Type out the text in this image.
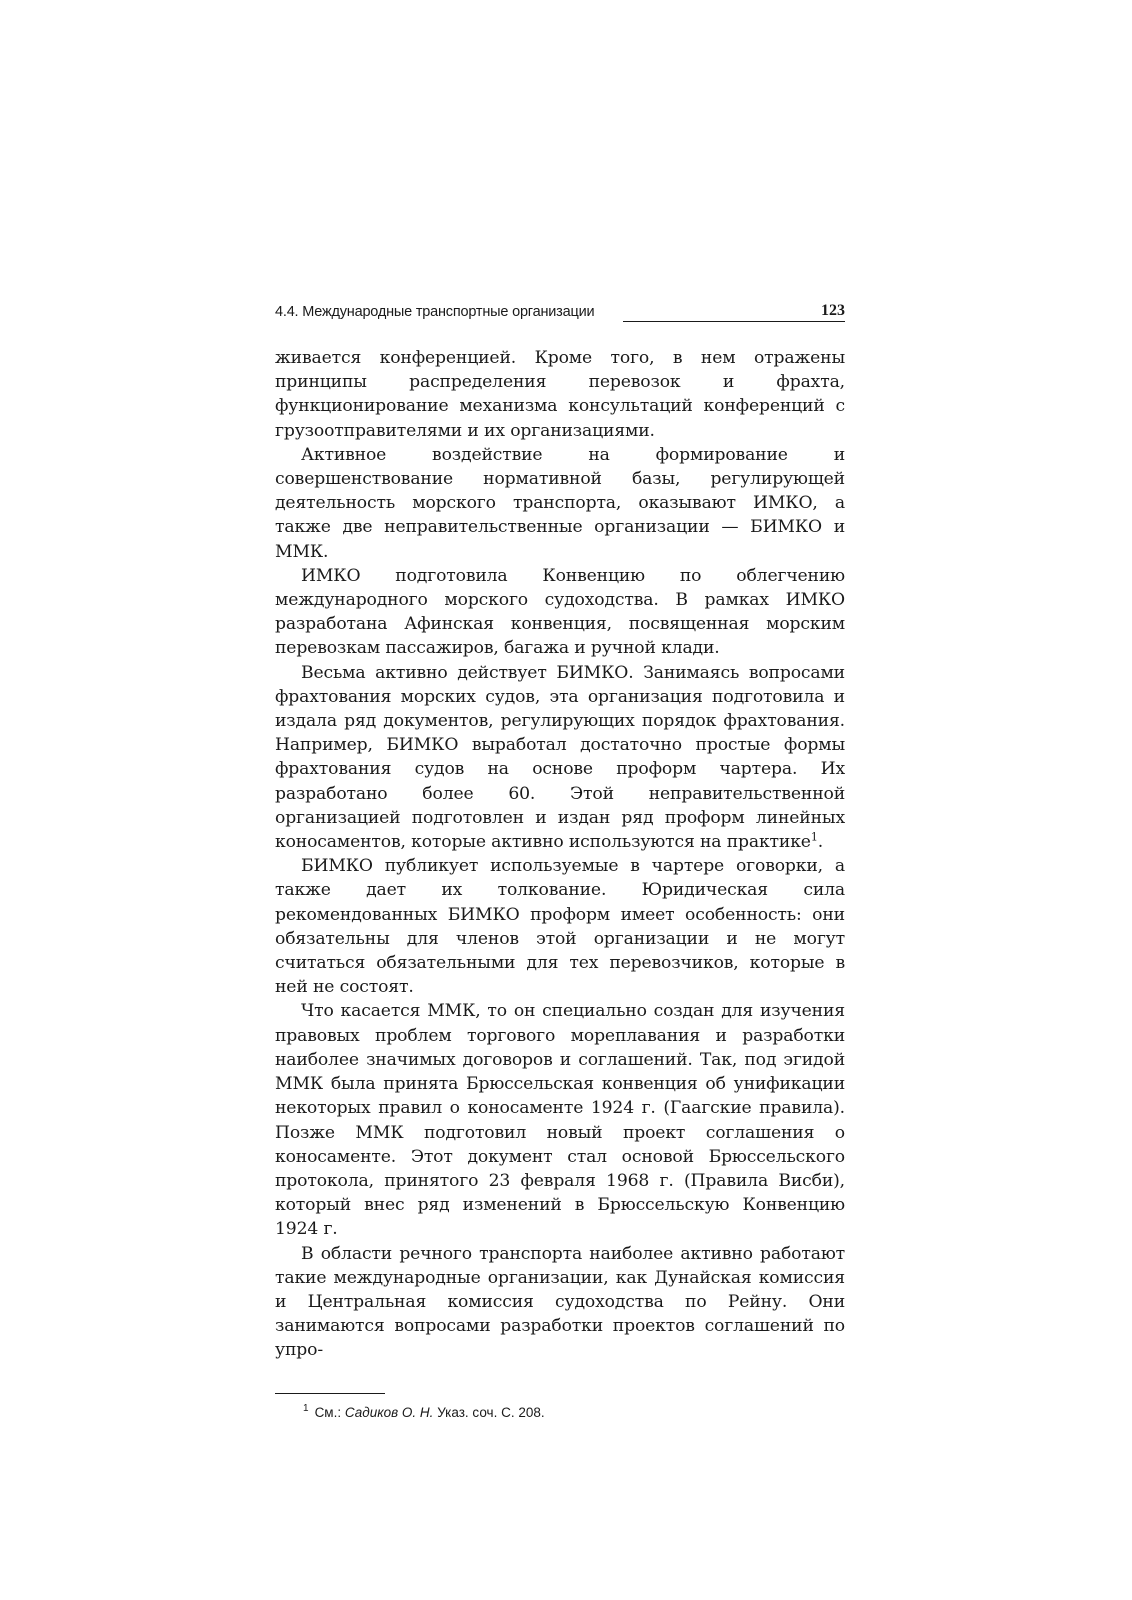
4.4. Международные транспортные организации	123

живается конференцией. Кроме того, в нем отражены принципы распределения перевозок и фрахта, функционирование механизма консультаций конференций с грузоотправителями и их организациями.

Активное воздействие на формирование и совершенствование нормативной базы, регулирующей деятельность морского транспорта, оказывают ИМКО, а также две неправительственные организации — БИМКО и ММК.

ИМКО подготовила Конвенцию по облегчению международного морского судоходства. В рамках ИМКО разработана Афинская конвенция, посвященная морским перевозкам пассажиров, багажа и ручной клади.

Весьма активно действует БИМКО. Занимаясь вопросами фрахтования морских судов, эта организация подготовила и издала ряд документов, регулирующих порядок фрахтования. Например, БИМКО выработал достаточно простые формы фрахтования судов на основе проформ чартера. Их разработано более 60. Этой неправительственной организацией подготовлен и издан ряд проформ линейных коносаментов, которые активно используются на практике$^1$.

БИМКО публикует используемые в чартере оговорки, а также дает их толкование. Юридическая сила рекомендованных БИМКО проформ имеет особенность: они обязательны для членов этой организации и не могут считаться обязательными для тех перевозчиков, которые в ней не состоят.

Что касается ММК, то он специально создан для изучения правовых проблем торгового мореплавания и разработки наиболее значимых договоров и соглашений. Так, под эгидой ММК была принята Брюссельская конвенция об унификации некоторых правил о коносаменте 1924 г. (Гаагские правила). Позже ММК подготовил новый проект соглашения о коносаменте. Этот документ стал основой Брюссельского протокола, принятого 23 февраля 1968 г. (Правила Висби), который внес ряд изменений в Брюссельскую Конвенцию 1924 г.

В области речного транспорта наиболее активно работают такие международные организации, как Дунайская комиссия и Центральная комиссия судоходства по Рейну. Они занимаются вопросами разработки проектов соглашений по упро-

$^1$ См.: Садиков О. Н. Указ. соч. С. 208.
